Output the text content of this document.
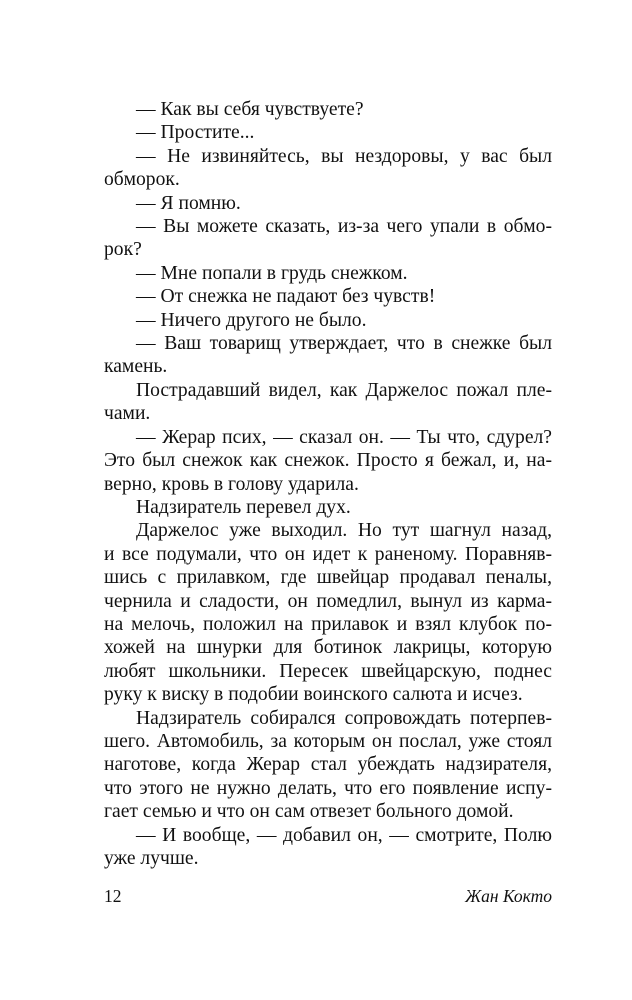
— Как вы себя чувствуете?

— Простите...

— Не извиняйтесь, вы нездоровы, у вас был
обморок.

— Я помню.

— Вы можете сказать, из-за чего упали в обмо-
рок?

— Мне попали в грудь снежком.

— От снежка не падают без чувств!

— Ничего другого не было.

— Ваш товарищ утверждает, что в снежке был
камень.

Пострадавший видел, как Даржелос пожал пле-
чами.

— Жерар псих, — сказал он. — Ты что, сдурел?
Это был снежок как снежок. Просто я бежал, и, на-
верно, кровь в голову ударила.

Надзиратель перевел дух.

Даржелос уже выходил. Но тут шагнул назад,
и все подумали, что он идет к раненому. Поравняв-
шись с прилавком, где швейцар продавал пеналы,
чернила и сладости, он помедлил, вынул из карма-
на мелочь, положил на прилавок и взял клубок по-
хожей на шнурки для ботинок лакрицы, которую
любят школьники. Пересек швейцарскую, поднес
руку к виску в подобии воинского салюта и исчез.

Надзиратель собирался сопровождать потерпев-
шего. Автомобиль, за которым он послал, уже стоял
наготове, когда Жерар стал убеждать надзирателя,
что этого не нужно делать, что его появление испу-
гает семью и что он сам отвезет больного домой.

— И вообще, — добавил он, — смотрите, Полю
уже лучше.

12	Жан Кокто
